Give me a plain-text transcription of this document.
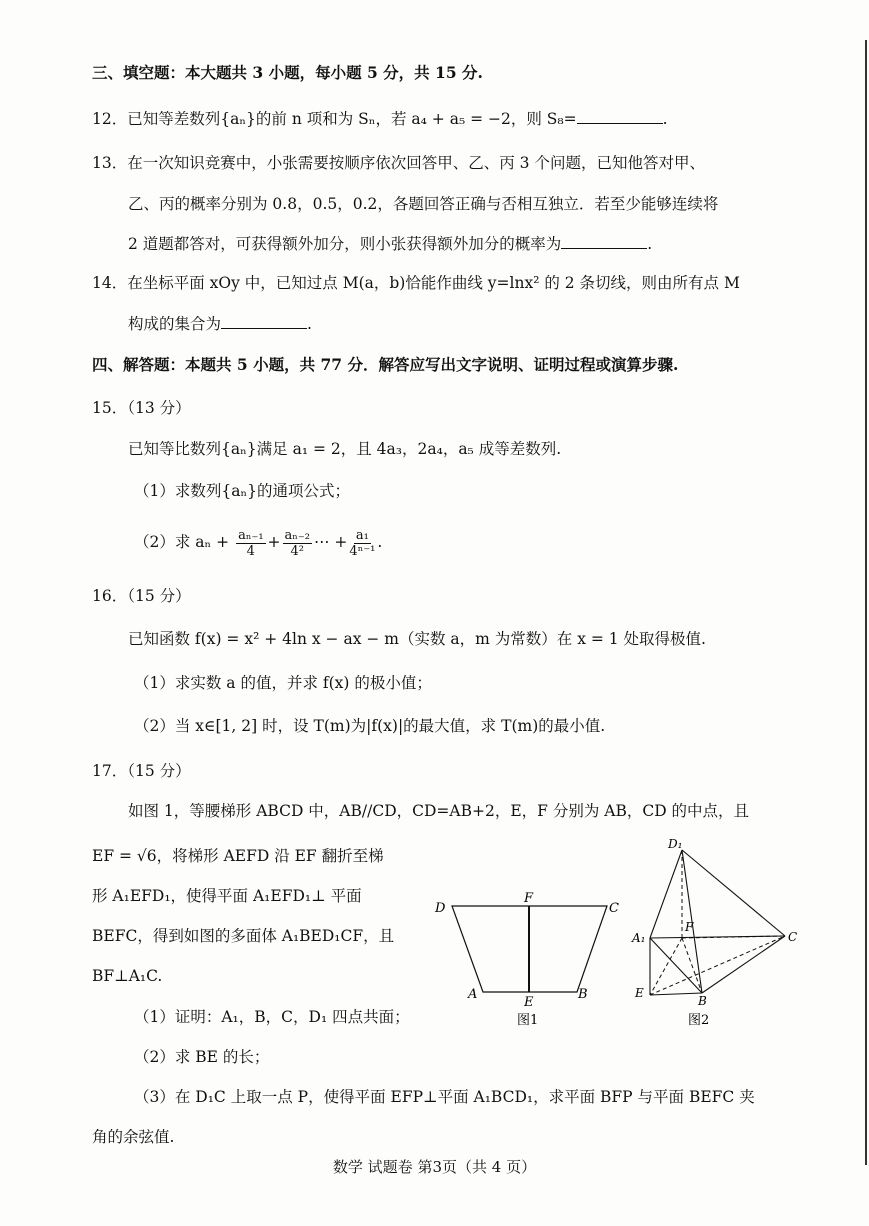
三、填空题：本大题共 3 小题，每小题 5 分，共 15 分.
12．已知等差数列{aₙ}的前 n 项和为 Sₙ，若 a₄ + a₅ = −2，则 S₈=	.
13．在一次知识竞赛中，小张需要按顺序依次回答甲、乙、丙 3 个问题，已知他答对甲、
乙、丙的概率分别为 0.8，0.5，0.2，各题回答正确与否相互独立．若至少能够连续将
2 道题都答对，可获得额外加分，则小张获得额外加分的概率为	.
14．在坐标平面 xOy 中，已知过点 M(a，b)恰能作曲线 y=lnx² 的 2 条切线，则由所有点 M
构成的集合为	.
四、解答题：本题共 5 小题，共 77 分．解答应写出文字说明、证明过程或演算步骤.
15．（13 分）
已知等比数列{aₙ}满足 a₁ = 2，且 4a₃，2a₄，a₅ 成等差数列.
（1）求数列{aₙ}的通项公式；
（2）求 $a_n + \frac{\text{aₙ₋₁}}{4} + \frac{\text{aₙ₋₂}}{\text{4²}}$ ⋯ + $\frac{\text{a₁}}{\text{4ⁿ⁻¹}}$ .
16．（15 分）
已知函数 f(x) = x² + 4ln x − ax − m（实数 a，m 为常数）在 x = 1 处取得极值.
（1）求实数 a 的值，并求 f(x) 的极小值；
（2）当 x∈[1, 2] 时，设 T(m)为|f(x)|的最大值，求 T(m)的最小值.
17．（15 分）
如图 1，等腰梯形 ABCD 中，AB//CD，CD=AB+2，E，F 分别为 AB，CD 的中点，且
EF = √6，将梯形 AEFD 沿 EF 翻折至梯
形 A₁EFD₁，使得平面 A₁EFD₁⊥ 平面
BEFC，得到如图的多面体 A₁BED₁CF，且
BF⊥A₁C.
（1）证明：A₁，B，C，D₁ 四点共面；
（2）求 BE 的长；
（3）在 D₁C 上取一点 P，使得平面 EFP⊥平面 A₁BCD₁，求平面 BFP 与平面 BEFC 夹
角的余弦值.
D
F
C
A
E
B
图1
D₁
F
A₁	C
E
B
图2
数学 试题卷 第3页（共 4 页）
